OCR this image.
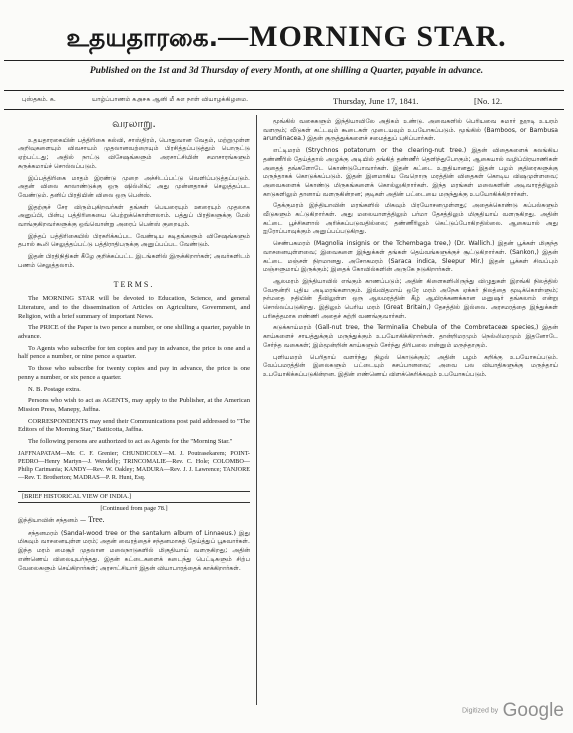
உதயதாரகை.—MORNING STAR.
Published on the 1st and 3d Thursday of every Month, at one shilling a Quarter, payable in advance.
புஸ்தகம். ௧.	யாழ்ப்பாணம் ௧௮௪௧ ஆனி மீ ௧௭ நாள் வியாழக்கிழமை.	Thursday, June 17, 1841.	[No. 12.
வரலாறு.

உதயதாரகையின் பத்திரிகை கல்வி, சாஸ்திரம், பொதுவான வேதம், மற்றுமுள்ள அறிவுகளையும் விவசாயம் முதலானவற்றையும் பிரசித்தப்படுத்தும் பொருட்டு ஏற்பட்டது; அதில் நாட்டு விசேஷங்களும் அரசாட்சியின் சமாசாரங்களும் சுருக்கமாய்ச் சொல்லப்படும்.

இப்பத்திரிகை மாதம் இரண்டு முறை அச்சிடப்பட்டு வெளிப்படுத்தப்படும். அதன் விலை காலாண்டுக்கு ஒரு ஷில்லிங்; அது முன்னதாகச் செலுத்தப்பட வேண்டும். தனிப் பிரதியின் விலை ஒரு பென்ஸ்.

இதற்குச் சேர விரும்புகிறவர்கள் தங்கள் பெயரையும் ஊரையும் முதலாக அனுப்பி, பின்பு பத்திரிகையை பெற்றுக்கொள்ளலாம். பத்துப் பிரதிகளுக்கு மேல் வாங்குகிறவர்களுக்கு ஒவ்வொன்று அரைப் பென்ஸ் குறையும்.

இந்தப் பத்திரிகையில் பிரசுரிக்கப்பட வேண்டிய கடிதங்களும் விசேஷங்களும் தபால் கூலி செலுத்தப்பட்டு பத்திராதிபருக்கு அனுப்பப்பட வேண்டும்.

இதன் பிரதிநிதிகள் கீழே குறிக்கப்பட்ட இடங்களில் இருக்கிறார்கள்; அவர்களிடம் பணம் செலுத்தலாம்.

TERMS.

The MORNING STAR will be devoted to Education, Science, and general Literature, and to the dissemination of Articles on Agriculture, Government, and Religion, with a brief summary of important News.

The PRICE of the Paper is two pence a number, or one shilling a quarter, payable in advance.

To Agents who subscribe for ten copies and pay in advance, the price is one and a half pence a number, or nine pence a quarter.

To those who subscribe for twenty copies and pay in advance, the price is one penny a number, or six pence a quarter.

N. B. Postage extra.

Persons who wish to act as AGENTS, may apply to the Publisher, at the American Mission Press, Manepy, Jaffna.

CORRESPONDENTS may send their Communications post paid addressed to "The Editors of the Morning Star," Batticotta, Jaffna.

The following persons are authorized to act as Agents for the "Morning Star."

JAFFNAPATAM—Mr. C. F. Grenier; CHUNDICOLY—M. J. Poutrasekarem; POINT-PEDRO—Henry Martyn—J. Wendelly; TRINCOMALIE—Rev. C. Hole; COLOMBO—Philip Carimania; KANDY—Rev. W. Oakley; MADURA—Rev. J. J. Lawrence; TANJORE—Rev. T. Brotherton; MADRAS—P. R. Hunt, Esq.

[BRIEF HISTORICAL VIEW OF INDIA.]
[Continued from page 78.]
இந்தியாவின் சந்தனம் — Tree.

சந்தனமரம் (Sandal-wood tree or the santalum album of Linnaeus.) இது மிகவும் வாசனையுள்ள மரம்; அதன் வைரத்தைச் சந்தனமாகத் தேய்த்துப் பூசுவார்கள். இந்த மரம் மைசூர் முதலான மலைநாடுகளில் மிகுதியாய் வளருகிறது; அதின் எண்ணெய் விலையுயர்ந்தது. இதன் கட்டைகளைக் கடைந்து பெட்டிகளும் சிற்ப வேலைகளும் செய்கிறார்கள்; அரசாட்சியார் இதன் வியாபாரத்தைக் காக்கிறார்கள்.

மூங்கில் வகைகளும் இந்தியாவிலே அதிகம் உண்டு. அவைகளில் பெரியவை சுமார் நூறடி உயரம் வளரும்; வீடுகள் கட்டவும் கூடைகள் முடையவும் உபயோகப்படும். மூங்கில் (Bamboos, or Bambusa arundinacea.) இதன் குருத்துக்களைச் சமைத்துப் புசிப்பார்கள்.

எட்டிமரம் (Strychnos potatorum or the clearing-nut tree.) இதன் விதைகளைக் கலங்கிய தண்ணீரில் தேய்த்தால் அழுக்கு அடியில் தங்கித் தண்ணீர் தெளிந்துபோகும்; ஆகையால் வழிப்பிரயாணிகள் அதைத் தங்களோடே கொண்டுபோவார்கள். இதன் கட்டை உறுதியானது; இதன் பழம் குதிரைகளுக்கு மருந்தாகக் கொடுக்கப்படும். இதன் இனமாகிய வேறொரு மரத்தின் விதைகள் கொடிய விஷமுள்ளவை; அவைகளைக் கொண்டு மிருகங்களைக் கொல்லுகிறார்கள். இந்த மரங்கள் மலைகளின் அடிவாரத்திலும் காடுகளிலும் தானாய் வளருகின்றன; குடிகள் அதின் பட்டையை மருந்துக்கு உபயோகிக்கிறார்கள்.

தேக்குமரம் இந்தியாவின் மரங்களில் மிகவும் பிரயோசனமுள்ளது; அதைக்கொண்டு கப்பல்களும் வீடுகளும் கட்டுகிறார்கள். அது மலையாளத்திலும் பர்மா தேசத்திலும் மிகுதியாய் வளருகிறது. அதின் கட்டை பூச்சிகளால் அரிக்கப்படுவதில்லை; தண்ணீரிலும் கெட்டுப்போகிறதில்லை. ஆகையால் அது ஐரோப்பாவுக்கும் அனுப்பப்படுகிறது.

செண்பகமரம் (Magnolia insignis or the Tchembaga tree,) (Dr. Wallich.) இதன் பூக்கள் மிகுந்த வாசனையுள்ளவை; இவைகளை இந்துக்கள் தங்கள் தெய்வங்களுக்குச் சூட்டுகிறார்கள். (Sankon,) இதன் கட்டை மஞ்சள் நிறமானது. அசோகமரம் (Saraca indica, Sleepur Mir.) இதன் பூக்கள் சிவப்பும் மஞ்சளுமாய் இருக்கும்; இதைக் கோவில்களின் அருகே நடுகிறார்கள்.

ஆலமரம் இந்தியாவில் எங்கும் காணப்படும்; அதின் கிளைகளிலிருந்து விழுதுகள் இறங்கி நிலத்தில் வேரூன்றி புதிய அடிமரங்களாகும். இவ்விதமாய் ஒரே மரம் அநேக ஏக்கர் நிலத்தை மூடிக்கொள்ளும்; நர்மதை நதியின் தீவிலுள்ள ஒரு ஆலமரத்தின் கீழ் ஆயிரக்கணக்கான மனுஷர் தங்கலாம் என்று சொல்லப்படுகிறது. இதிலும் பெரிய மரம் (Great Britain,) தேசத்தில் இல்லை. அரசமரத்தை இந்துக்கள் பரிசுத்தமாக எண்ணி அதைச் சுற்றி வணங்குவார்கள்.

கடுக்காய்மரம் (Gall-nut tree, the Terminalia Chebula of the Combretaceæ species,) இதன் காய்களைச் சாயத்துக்கும் மருந்துக்கும் உபயோகிக்கிறார்கள். தான்றிமரமும் நெல்லிமரமும் இதனோடே சேர்ந்த வகைகள்; இம்மூன்றின் காய்களும் சேர்ந்து திரிபலை என்னும் மருந்தாகும்.

புளியமரம் பெரிதாய் வளர்ந்து நிழல் கொடுக்கும்; அதின் பழம் கறிக்கு உபயோகப்படும். வேப்பமரத்தின் இலைகளும் பட்டையும் கசப்பானவை; அவை பல வியாதிகளுக்கு மருந்தாய் உபயோகிக்கப்படுகின்றன. இதின் எண்ணெய் விளக்கெரிக்கவும் உபயோகப்படும்.

Digitized by Google
